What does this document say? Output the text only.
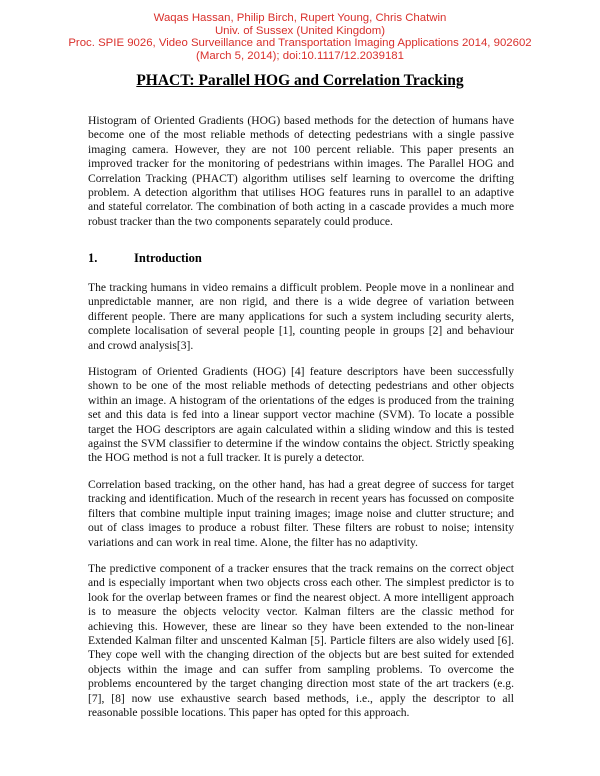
Waqas Hassan, Philip Birch, Rupert Young, Chris Chatwin
Univ. of Sussex (United Kingdom)
Proc. SPIE 9026, Video Surveillance and Transportation Imaging Applications 2014, 902602
(March 5, 2014); doi:10.1117/12.2039181
PHACT: Parallel HOG and Correlation Tracking
Histogram of Oriented Gradients (HOG) based methods for the detection of humans have become one of the most reliable methods of detecting pedestrians with a single passive imaging camera. However, they are not 100 percent reliable. This paper presents an improved tracker for the monitoring of pedestrians within images. The Parallel HOG and Correlation Tracking (PHACT) algorithm utilises self learning to overcome the drifting problem. A detection algorithm that utilises HOG features runs in parallel to an adaptive and stateful correlator. The combination of both acting in a cascade provides a much more robust tracker than the two components separately could produce.
1.	Introduction

The tracking humans in video remains a difficult problem. People move in a nonlinear and unpredictable manner, are non rigid, and there is a wide degree of variation between different people. There are many applications for such a system including security alerts, complete localisation of several people [1], counting people in groups [2] and behaviour and crowd analysis[3].

Histogram of Oriented Gradients (HOG) [4] feature descriptors have been successfully shown to be one of the most reliable methods of detecting pedestrians and other objects within an image. A histogram of the orientations of the edges is produced from the training set and this data is fed into a linear support vector machine (SVM). To locate a possible target the HOG descriptors are again calculated within a sliding window and this is tested against the SVM classifier to determine if the window contains the object. Strictly speaking the HOG method is not a full tracker. It is purely a detector.

Correlation based tracking, on the other hand, has had a great degree of success for target tracking and identification. Much of the research in recent years has focussed on composite filters that combine multiple input training images; image noise and clutter structure; and out of class images to produce a robust filter. These filters are robust to noise; intensity variations and can work in real time. Alone, the filter has no adaptivity.

The predictive component of a tracker ensures that the track remains on the correct object and is especially important when two objects cross each other. The simplest predictor is to look for the overlap between frames or find the nearest object. A more intelligent approach is to measure the objects velocity vector. Kalman filters are the classic method for achieving this. However, these are linear so they have been extended to the non-linear Extended Kalman filter and unscented Kalman [5]. Particle filters are also widely used [6]. They cope well with the changing direction of the objects but are best suited for extended objects within the image and can suffer from sampling problems. To overcome the problems encountered by the target changing direction most state of the art trackers (e.g. [7], [8] now use exhaustive search based methods, i.e., apply the descriptor to all reasonable possible locations. This paper has opted for this approach.
